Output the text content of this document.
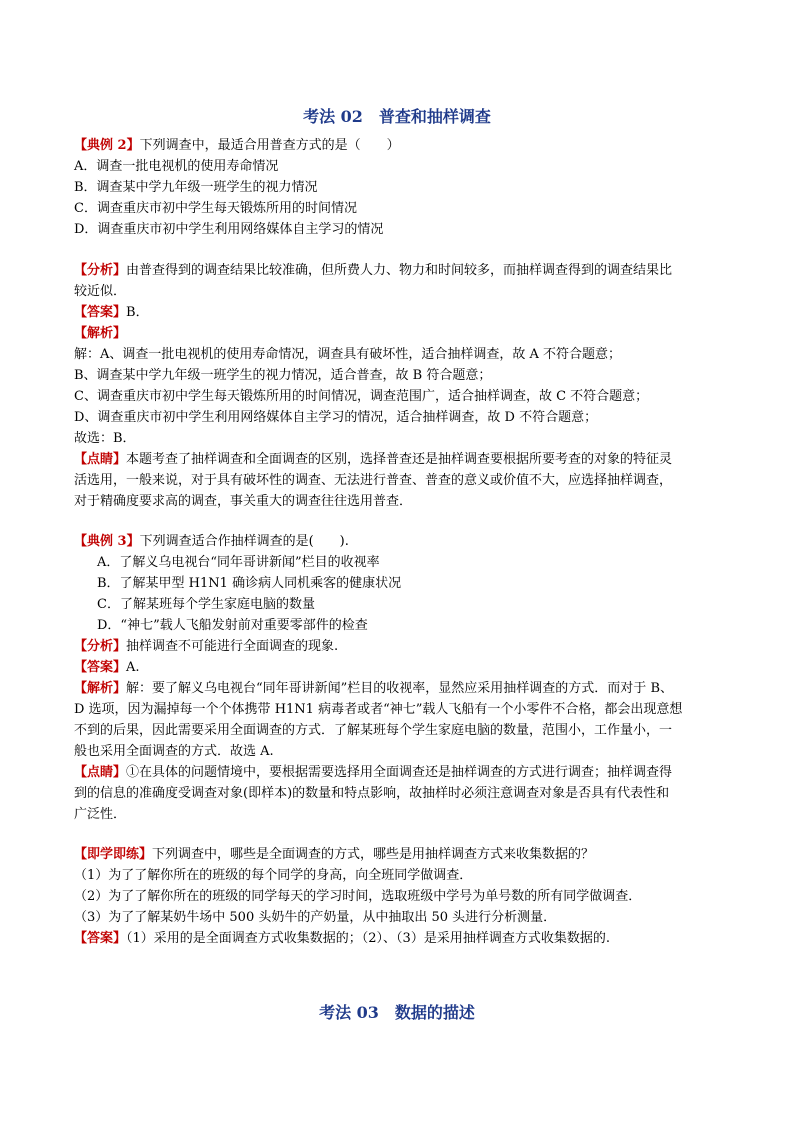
考法 02　普查和抽样调查
【典例 2】下列调查中，最适合用普查方式的是（　　）
A．调查一批电视机的使用寿命情况
B．调查某中学九年级一班学生的视力情况
C．调查重庆市初中学生每天锻炼所用的时间情况
D．调查重庆市初中学生利用网络媒体自主学习的情况
【分析】由普查得到的调查结果比较准确，但所费人力、物力和时间较多，而抽样调查得到的调查结果比
较近似．
【答案】B．
【解析】
解：A、调查一批电视机的使用寿命情况，调查具有破坏性，适合抽样调查，故 A 不符合题意；
B、调查某中学九年级一班学生的视力情况，适合普查，故 B 符合题意；
C、调查重庆市初中学生每天锻炼所用的时间情况，调查范围广，适合抽样调查，故 C 不符合题意；
D、调查重庆市初中学生利用网络媒体自主学习的情况，适合抽样调查，故 D 不符合题意；
故选：B．
【点睛】本题考查了抽样调查和全面调查的区别，选择普查还是抽样调查要根据所要考查的对象的特征灵
活选用，一般来说，对于具有破坏性的调查、无法进行普查、普查的意义或价值不大，应选择抽样调查，
对于精确度要求高的调查，事关重大的调查往往选用普查．
【典例 3】下列调查适合作抽样调查的是(　　).
A．了解义乌电视台“同年哥讲新闻”栏目的收视率
B．了解某甲型 H1N1 确诊病人同机乘客的健康状况
C．了解某班每个学生家庭电脑的数量
D．“神七”载人飞船发射前对重要零部件的检查
【分析】抽样调查不可能进行全面调查的现象.
【答案】A.
【解析】解：要了解义乌电视台“同年哥讲新闻”栏目的收视率，显然应采用抽样调查的方式．而对于 B、
D 选项，因为漏掉每一个个体携带 H1N1 病毒者或者“神七”载人飞船有一个小零件不合格，都会出现意想
不到的后果，因此需要采用全面调查的方式．了解某班每个学生家庭电脑的数量，范围小，工作量小，一
般也采用全面调查的方式．故选 A.
【点睛】①在具体的问题情境中，要根据需要选择用全面调查还是抽样调查的方式进行调查；抽样调查得
到的信息的准确度受调查对象(即样本)的数量和特点影响，故抽样时必须注意调查对象是否具有代表性和
广泛性．
【即学即练】下列调查中，哪些是全面调查的方式，哪些是用抽样调查方式来收集数据的？
（1）为了了解你所在的班级的每个同学的身高，向全班同学做调查．
（2）为了了解你所在的班级的同学每天的学习时间，选取班级中学号为单号数的所有同学做调查．
（3）为了了解某奶牛场中 500 头奶牛的产奶量，从中抽取出 50 头进行分析测量．
【答案】（1）采用的是全面调查方式收集数据的；（2）、（3）是采用抽样调查方式收集数据的.
考法 03　数据的描述
